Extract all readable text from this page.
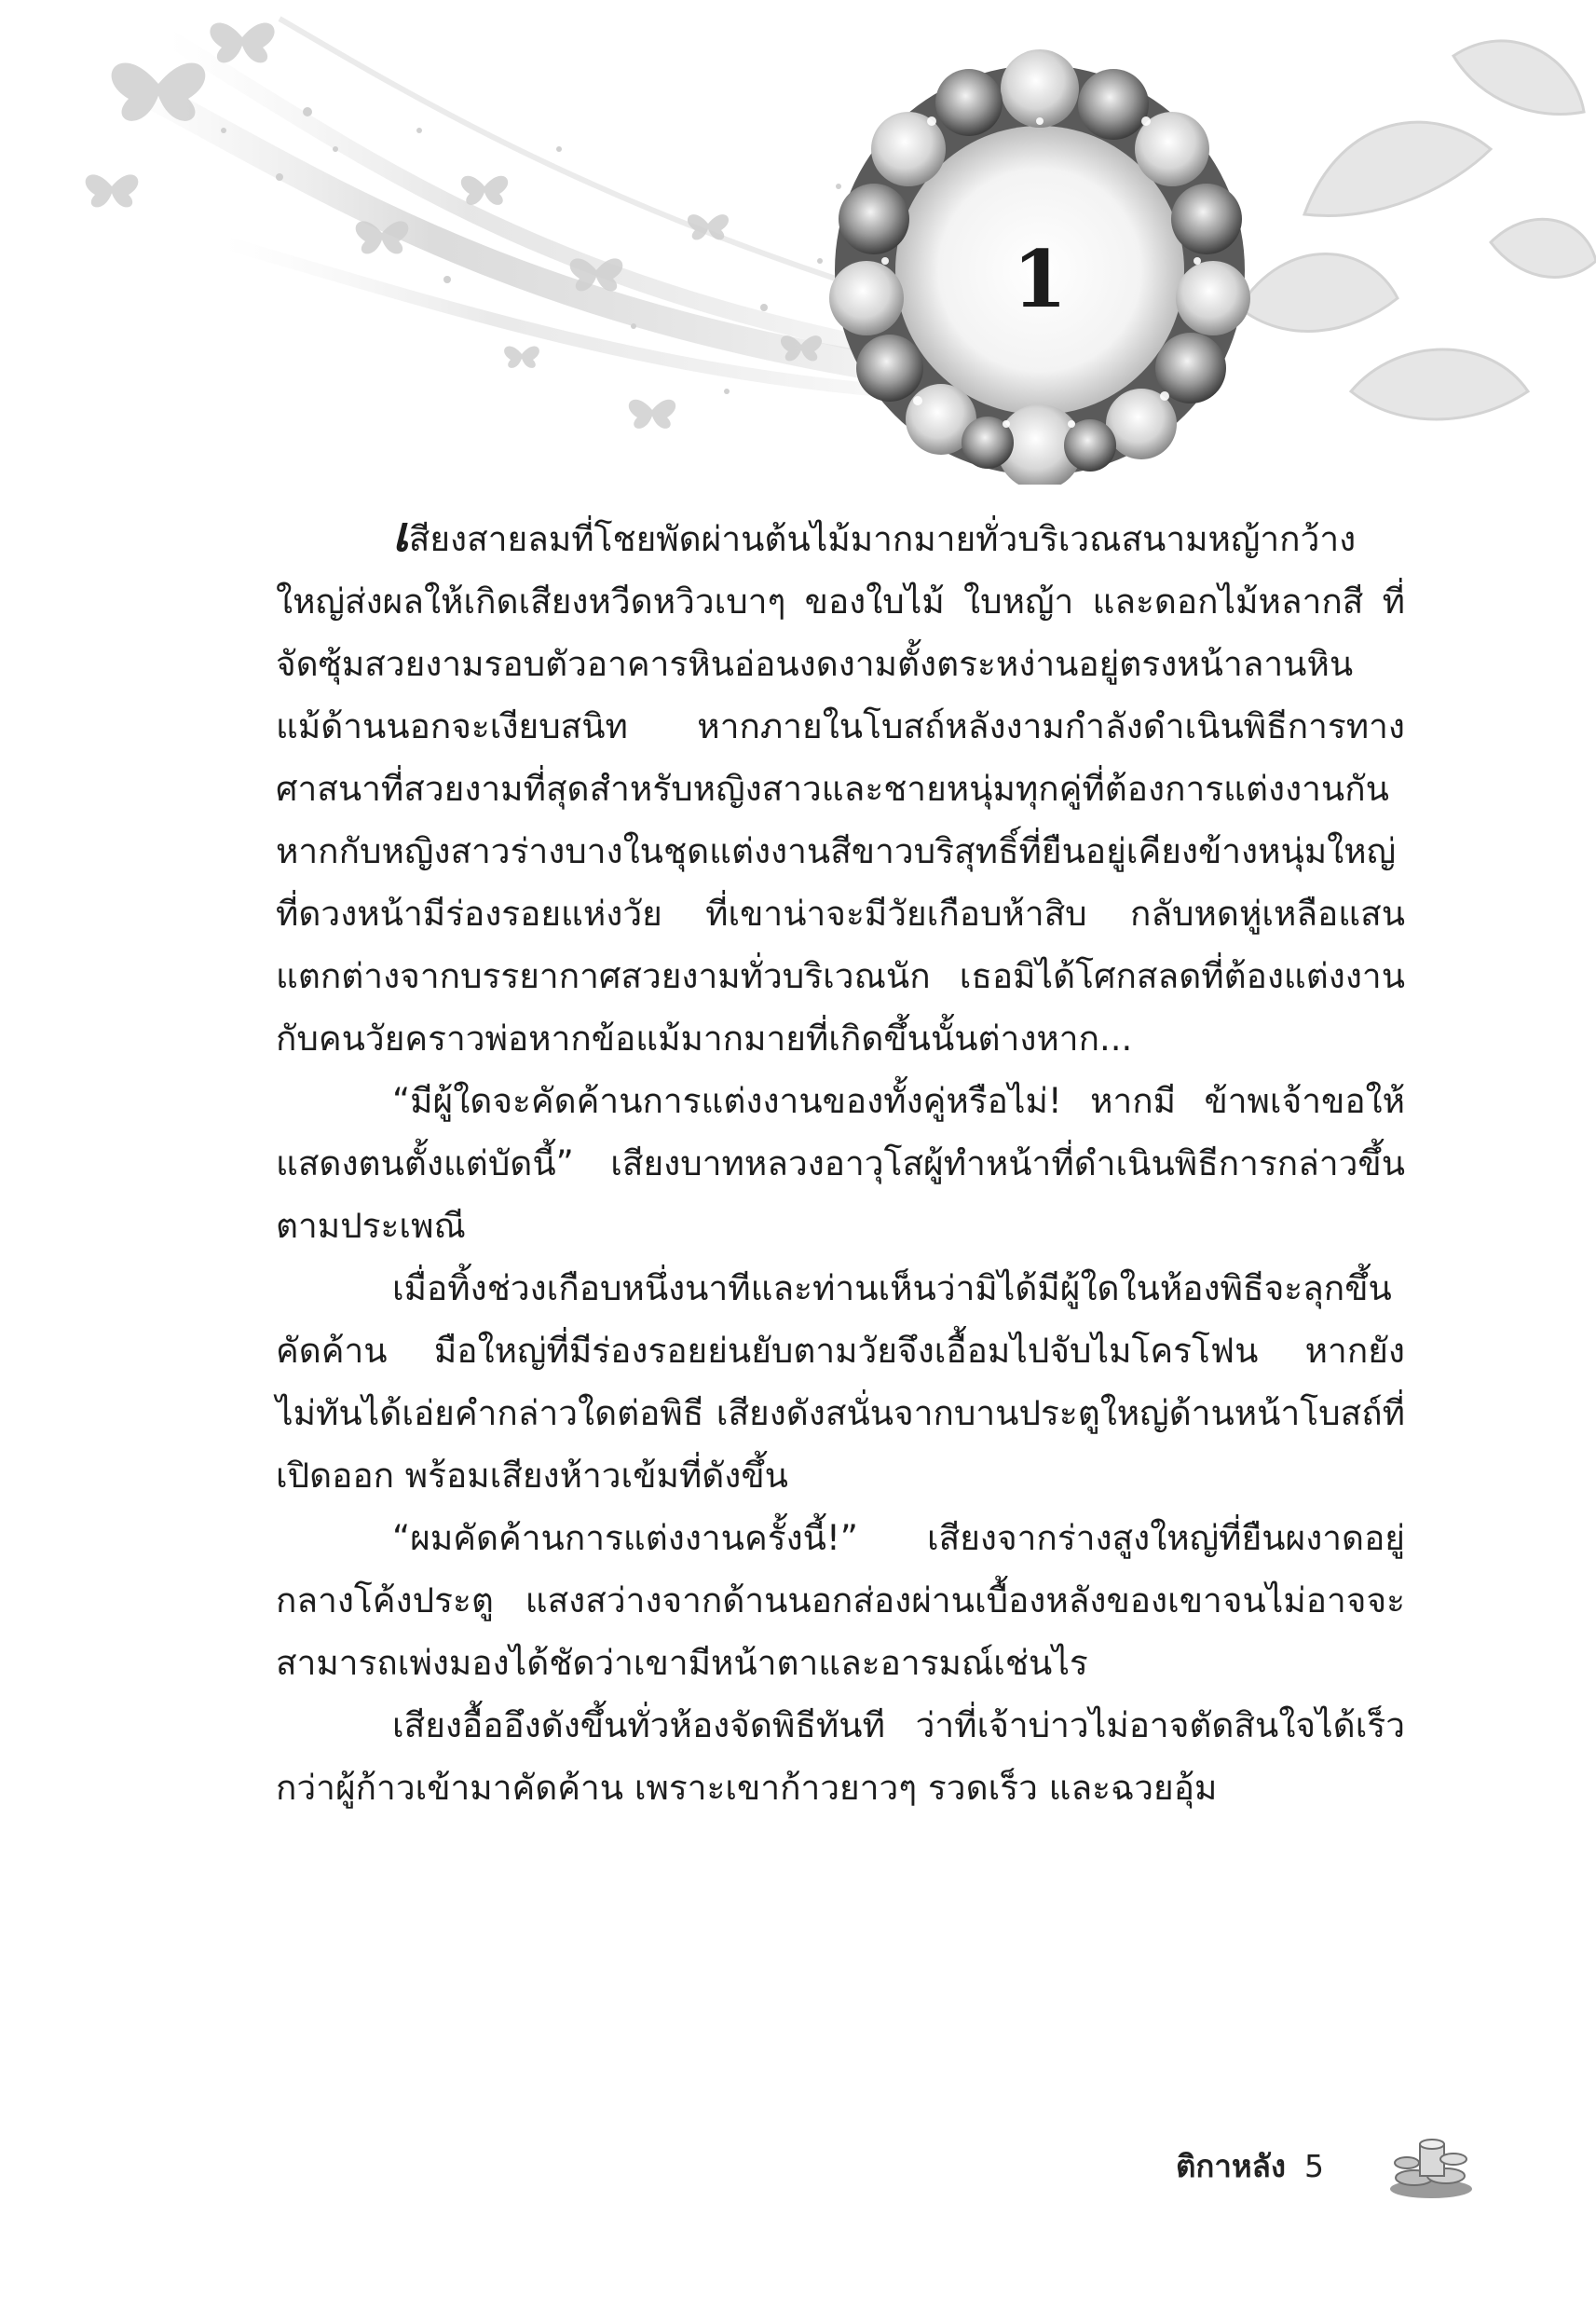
1

เสียงสายลมที่โชยพัดผ่านต้นไม้มากมายทั่วบริเวณสนามหญ้ากว้างใหญ่ส่งผลให้เกิดเสียงหวีดหวิวเบาๆ ของใบไม้ ใบหญ้า และดอกไม้หลากสี ที่จัดซุ้มสวยงามรอบตัวอาคารหินอ่อนงดงามตั้งตระหง่านอยู่ตรงหน้าลานหิน แม้ด้านนอกจะเงียบสนิท หากภายในโบสถ์หลังงามกำลังดำเนินพิธีการทางศาสนาที่สวยงามที่สุดสำหรับหญิงสาวและชายหนุ่มทุกคู่ที่ต้องการแต่งงานกัน หากกับหญิงสาวร่างบางในชุดแต่งงานสีขาวบริสุทธิ์ที่ยืนอยู่เคียงข้างหนุ่มใหญ่ที่ดวงหน้ามีร่องรอยแห่งวัย ที่เขาน่าจะมีวัยเกือบห้าสิบ กลับหดหู่เหลือแสน แตกต่างจากบรรยากาศสวยงามทั่วบริเวณนัก เธอมิได้โศกสลดที่ต้องแต่งงานกับคนวัยคราวพ่อหากข้อแม้มากมายที่เกิดขึ้นนั้นต่างหาก...

“มีผู้ใดจะคัดค้านการแต่งงานของทั้งคู่หรือไม่! หากมี ข้าพเจ้าขอให้แสดงตนตั้งแต่บัดนี้” เสียงบาทหลวงอาวุโสผู้ทำหน้าที่ดำเนินพิธีการกล่าวขึ้นตามประเพณี

เมื่อทิ้งช่วงเกือบหนึ่งนาทีและท่านเห็นว่ามิได้มีผู้ใดในห้องพิธีจะลุกขึ้นคัดค้าน มือใหญ่ที่มีร่องรอยย่นยับตามวัยจึงเอื้อมไปจับไมโครโฟน หากยังไม่ทันได้เอ่ยคำกล่าวใดต่อพิธี เสียงดังสนั่นจากบานประตูใหญ่ด้านหน้าโบสถ์ที่เปิดออก พร้อมเสียงห้าวเข้มที่ดังขึ้น

“ผมคัดค้านการแต่งงานครั้งนี้!” เสียงจากร่างสูงใหญ่ที่ยืนผงาดอยู่กลางโค้งประตู แสงสว่างจากด้านนอกส่องผ่านเบื้องหลังของเขาจนไม่อาจจะสามารถเพ่งมองได้ชัดว่าเขามีหน้าตาและอารมณ์เช่นไร

เสียงอื้ออึงดังขึ้นทั่วห้องจัดพิธีทันที ว่าที่เจ้าบ่าวไม่อาจตัดสินใจได้เร็วกว่าผู้ก้าวเข้ามาคัดค้าน เพราะเขาก้าวยาวๆ รวดเร็ว และฉวยอุ้ม

ติกาหลัง 5
